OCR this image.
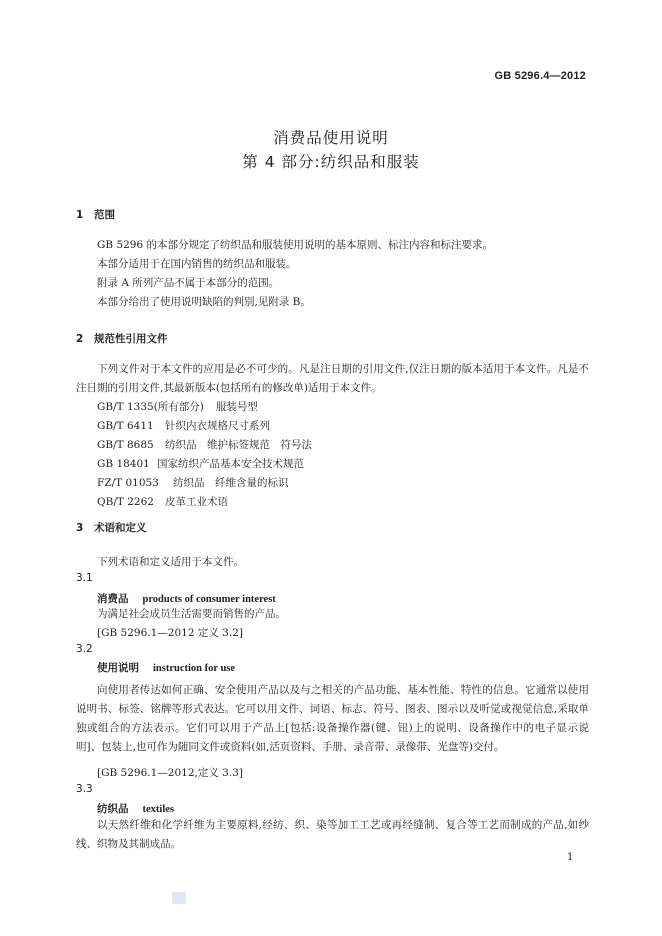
GB 5296.4—2012
消费品使用说明
第 4 部分:纺织品和服装
1 范围
GB 5296 的本部分规定了纺织品和服装使用说明的基本原则、标注内容和标注要求。
本部分适用于在国内销售的纺织品和服装。
附录 A 所列产品不属于本部分的范围。
本部分给出了使用说明缺陷的判别,见附录 B。
2 规范性引用文件
下列文件对于本文件的应用是必不可少的。凡是注日期的引用文件,仅注日期的版本适用于本文件。凡是不注日期的引用文件,其最新版本(包括所有的修改单)适用于本文件。
GB/T 1335(所有部分) 服装号型
GB/T 6411 针织内衣规格尺寸系列
GB/T 8685 纺织品　维护标签规范　符号法
GB 18401 国家纺织产品基本安全技术规范
FZ/T 01053 纺织品　纤维含量的标识
QB/T 2262 皮革工业术语
3 术语和定义
下列术语和定义适用于本文件。
3.1
消费品 products of consumer interest
为满足社会成员生活需要而销售的产品。
[GB 5296.1—2012 定义 3.2]
3.2
使用说明 instruction for use
向使用者传达如何正确、安全使用产品以及与之相关的产品功能、基本性能、特性的信息。它通常以使用说明书、标签、铭牌等形式表达。它可以用文件、词语、标志、符号、图表、图示以及听觉或视觉信息,采取单独或组合的方法表示。它们可以用于产品上[包括:设备操作器(键、钮)上的说明、设备操作中的电子显示说明]、包装上,也可作为随同文件或资料(如,活页资料、手册、录音带、录像带、光盘等)交付。
[GB 5296.1—2012,定义 3.3]
3.3
纺织品 textiles
以天然纤维和化学纤维为主要原料,经纺、织、染等加工工艺或再经缝制、复合等工艺而制成的产品,如纱线、织物及其制成品。
1
